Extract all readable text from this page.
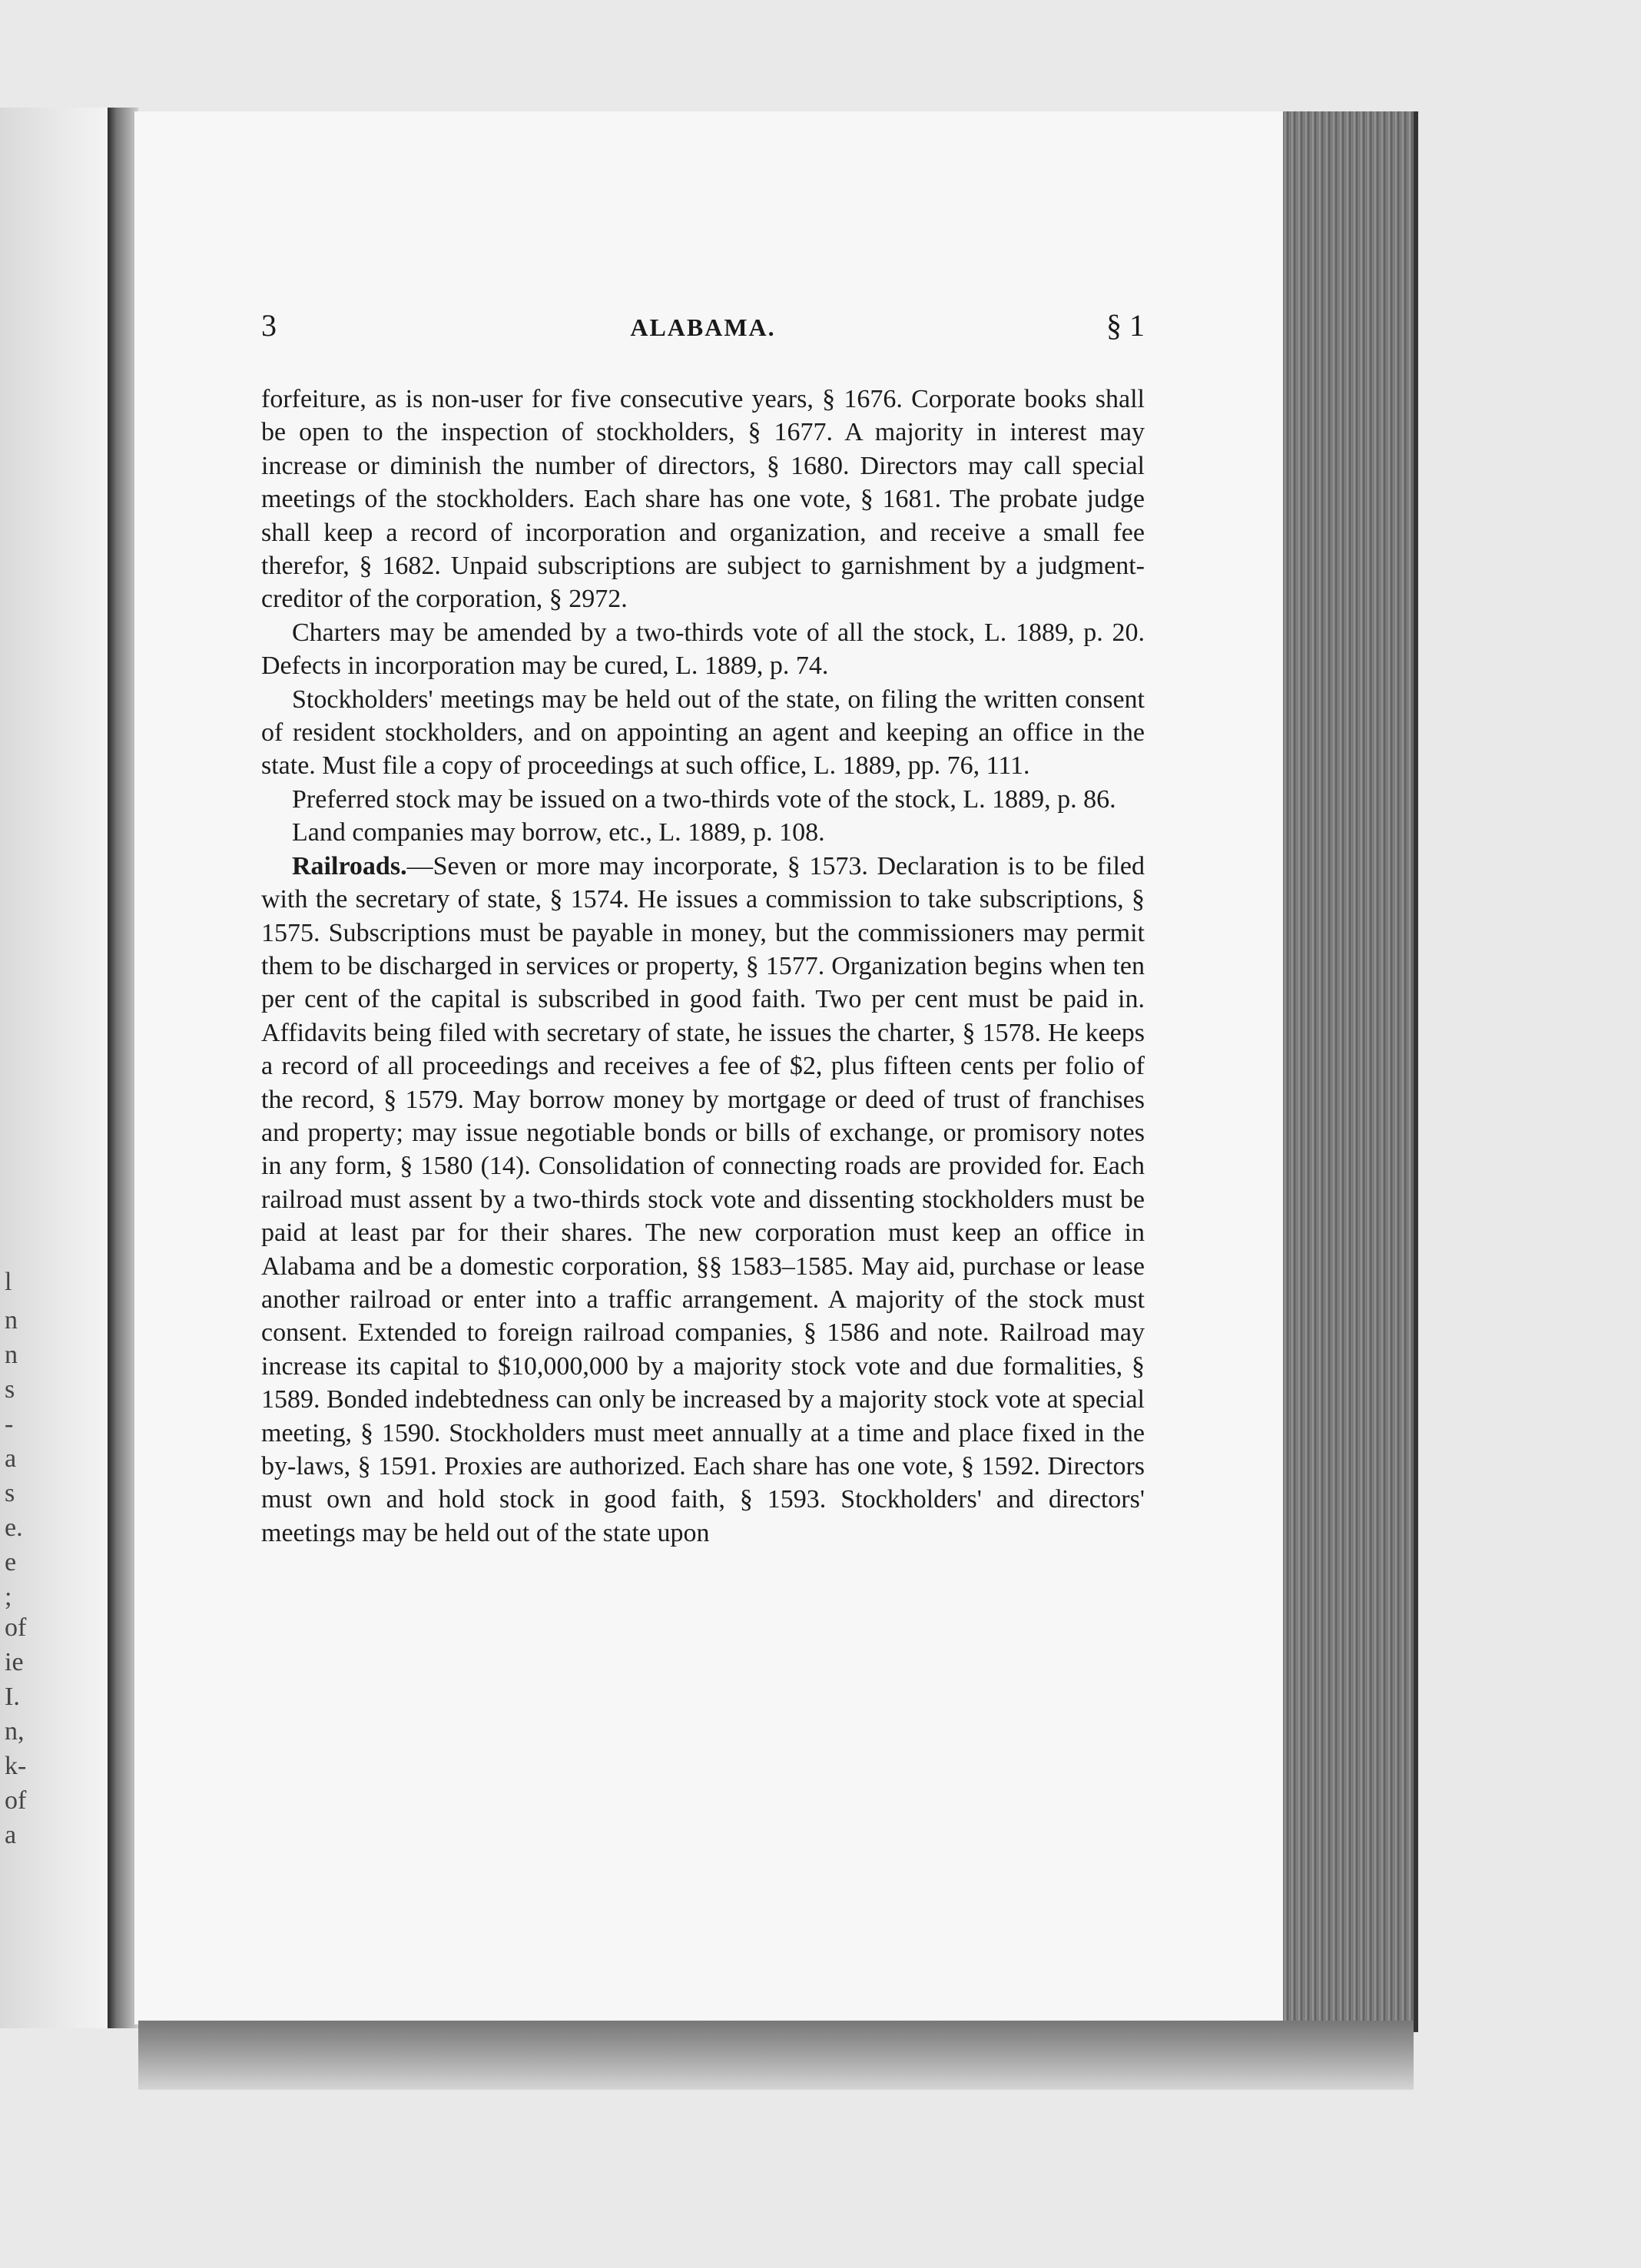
l
n
n
s
-
a
s
e.
e
;
of
ie
I.
n,
k-
of
a
3	ALABAMA.	§ 1

forfeiture, as is non-user for five consecutive years, § 1676. Corporate books shall be open to the inspection of stockholders, § 1677. A majority in interest may increase or diminish the number of directors, § 1680. Directors may call special meetings of the stockholders. Each share has one vote, § 1681. The probate judge shall keep a record of incorporation and organization, and receive a small fee therefor, § 1682. Unpaid subscriptions are subject to garnishment by a judgment-creditor of the corporation, § 2972.

Charters may be amended by a two-thirds vote of all the stock, L. 1889, p. 20. Defects in incorporation may be cured, L. 1889, p. 74.

Stockholders' meetings may be held out of the state, on filing the written consent of resident stockholders, and on appointing an agent and keeping an office in the state. Must file a copy of proceedings at such office, L. 1889, pp. 76, 111.

Preferred stock may be issued on a two-thirds vote of the stock, L. 1889, p. 86.

Land companies may borrow, etc., L. 1889, p. 108.

Railroads.—Seven or more may incorporate, § 1573. Declaration is to be filed with the secretary of state, § 1574. He issues a commission to take subscriptions, § 1575. Subscriptions must be payable in money, but the commissioners may permit them to be discharged in services or property, § 1577. Organization begins when ten per cent of the capital is subscribed in good faith. Two per cent must be paid in. Affidavits being filed with secretary of state, he issues the charter, § 1578. He keeps a record of all proceedings and receives a fee of $2, plus fifteen cents per folio of the record, § 1579. May borrow money by mortgage or deed of trust of franchises and property; may issue negotiable bonds or bills of exchange, or promisory notes in any form, § 1580 (14). Consolidation of connecting roads are provided for. Each railroad must assent by a two-thirds stock vote and dissenting stockholders must be paid at least par for their shares. The new corporation must keep an office in Alabama and be a domestic corporation, §§ 1583–1585. May aid, purchase or lease another railroad or enter into a traffic arrangement. A majority of the stock must consent. Extended to foreign railroad companies, § 1586 and note. Railroad may increase its capital to $10,000,000 by a majority stock vote and due formalities, § 1589. Bonded indebtedness can only be increased by a majority stock vote at special meeting, § 1590. Stockholders must meet annually at a time and place fixed in the by-laws, § 1591. Proxies are authorized. Each share has one vote, § 1592. Directors must own and hold stock in good faith, § 1593. Stockholders' and directors' meetings may be held out of the state upon
